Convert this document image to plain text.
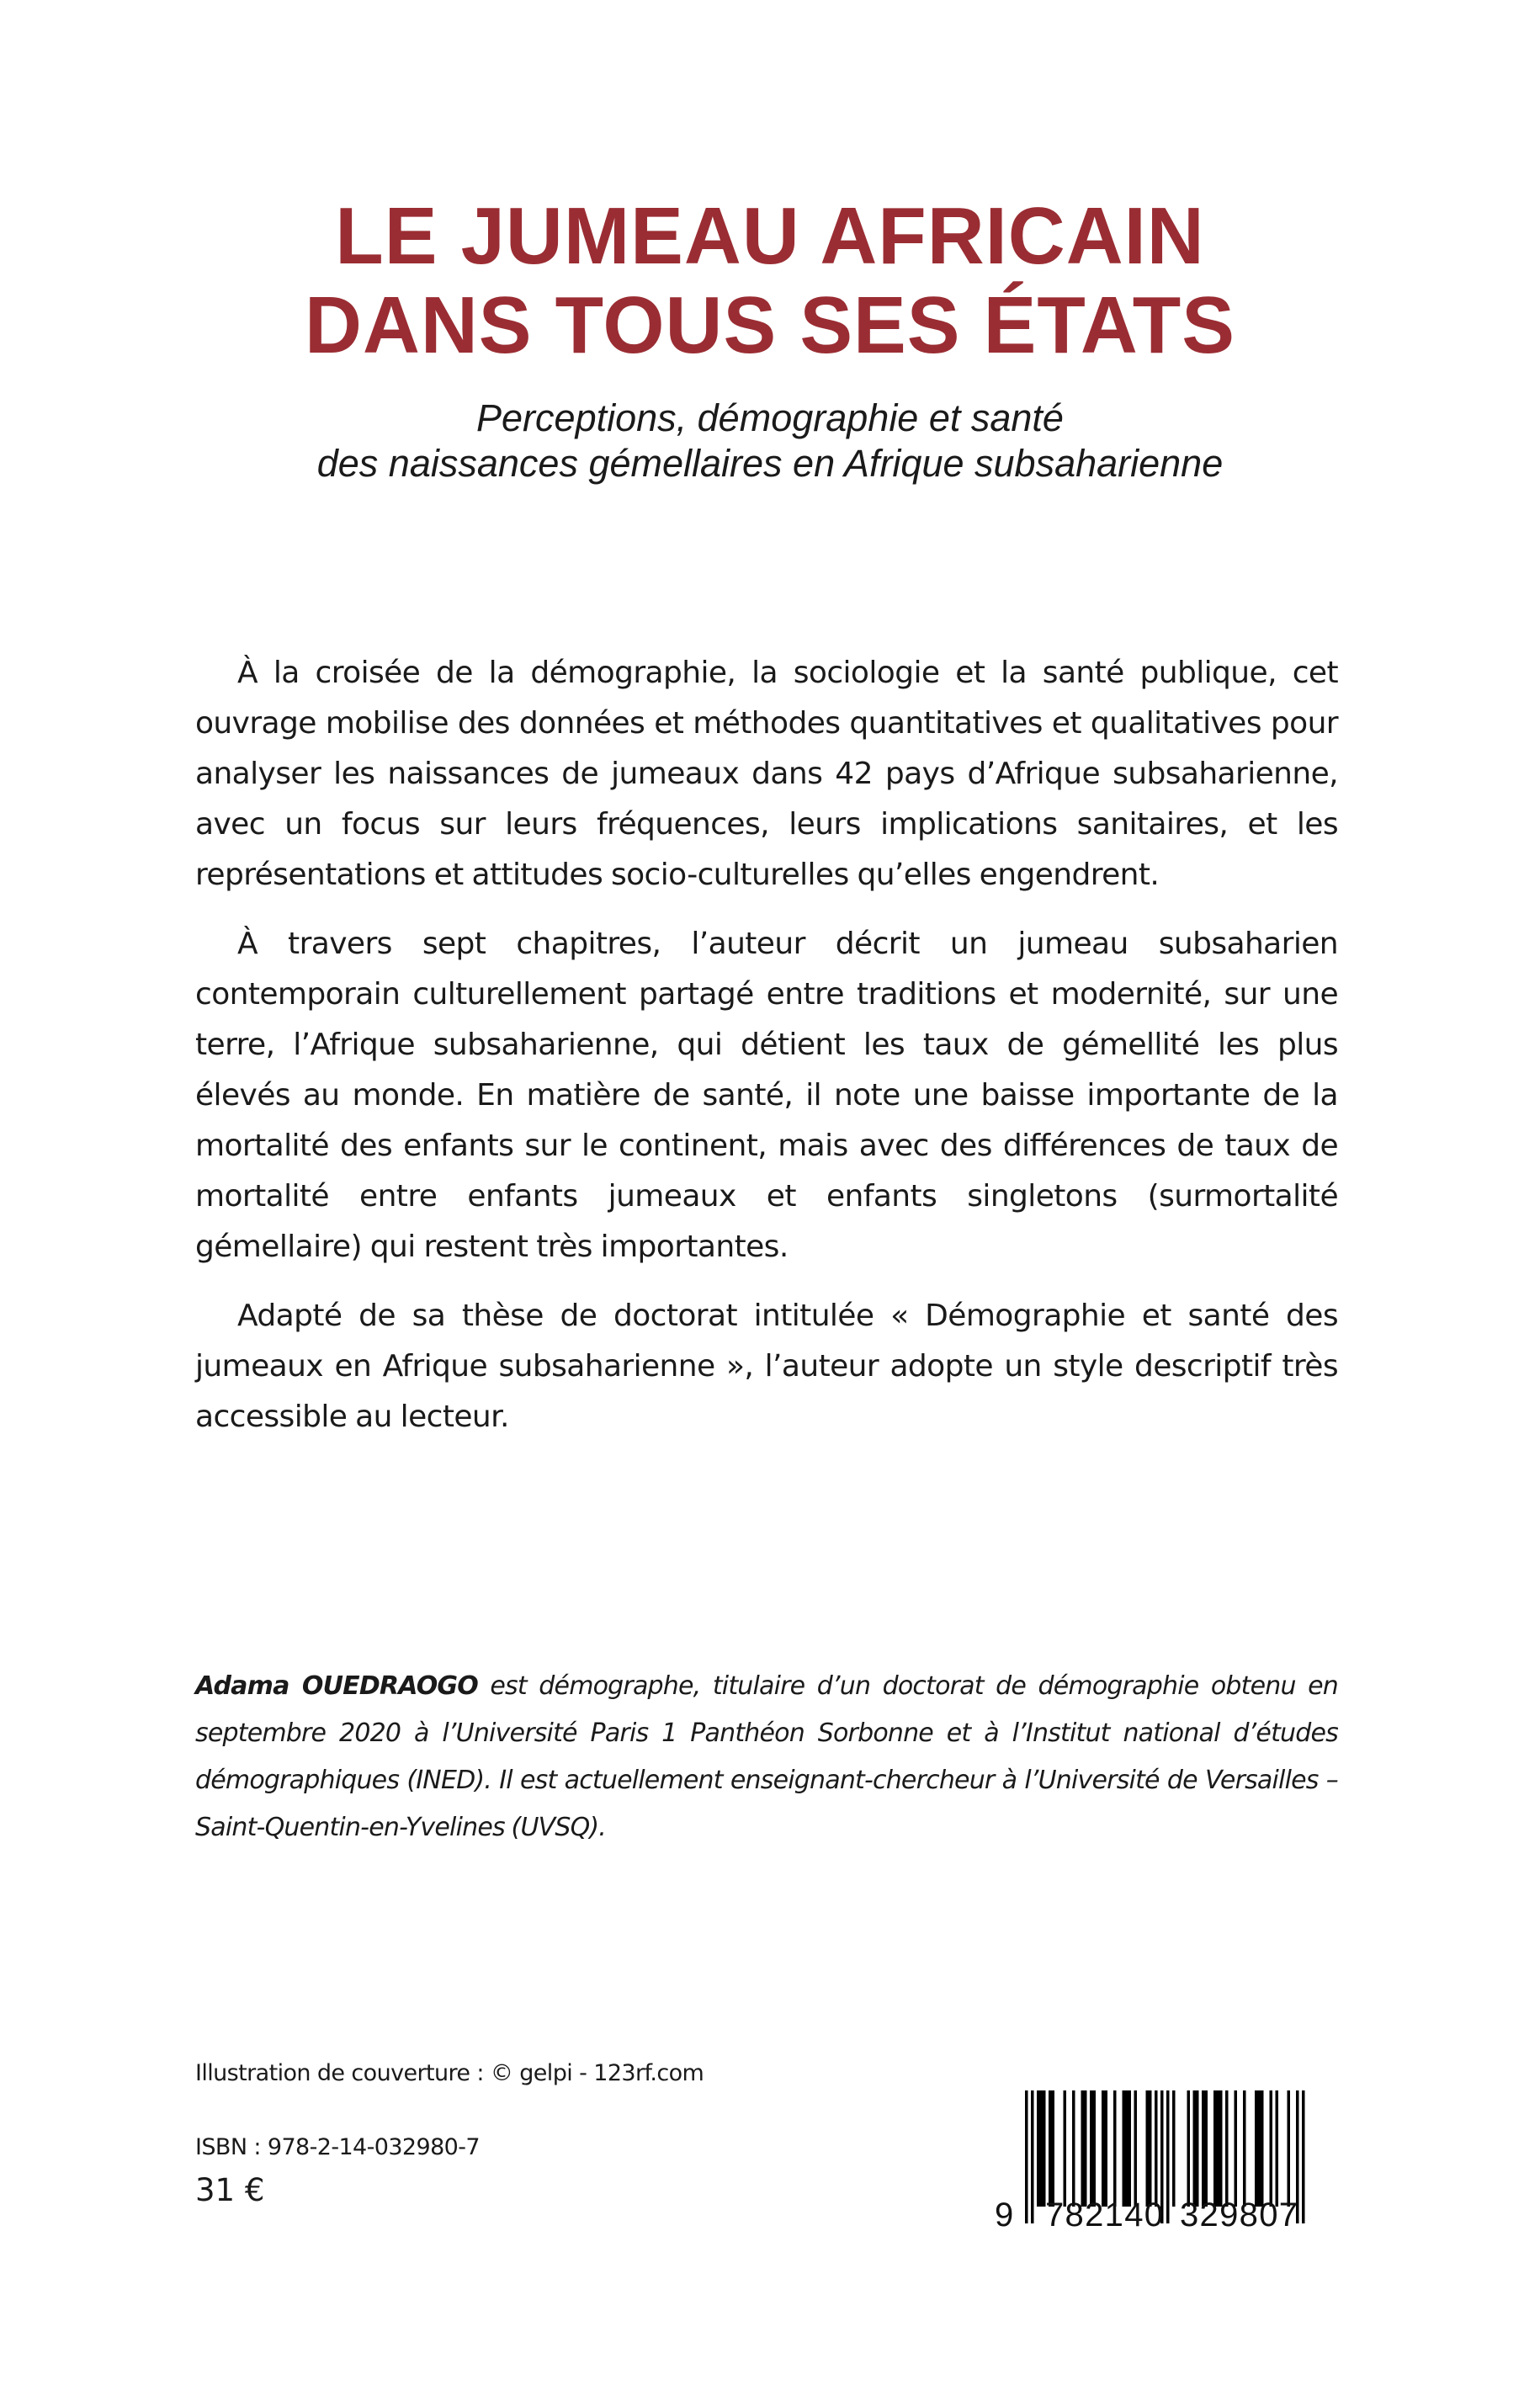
LE JUMEAU AFRICAIN
DANS TOUS SES ÉTATS
Perceptions, démographie et santé
des naissances gémellaires en Afrique subsaharienne

À la croisée de la démographie, la sociologie et la santé publique, cet ouvrage mobilise des données et méthodes quantitatives et qualitatives pour analyser les naissances de jumeaux dans 42 pays d’Afrique subsaharienne, avec un focus sur leurs fréquences, leurs implications sanitaires, et les représentations et attitudes socio-culturelles qu’elles engendrent.

À travers sept chapitres, l’auteur décrit un jumeau subsaharien contemporain culturellement partagé entre traditions et modernité, sur une terre, l’Afrique subsaharienne, qui détient les taux de gémellité les plus élevés au monde. En matière de santé, il note une baisse importante de la mortalité des enfants sur le continent, mais avec des différences de taux de mortalité entre enfants jumeaux et enfants singletons (surmortalité gémellaire) qui restent très importantes.

Adapté de sa thèse de doctorat intitulée « Démographie et santé des jumeaux en Afrique subsaharienne », l’auteur adopte un style descriptif très accessible au lecteur.

Adama OUEDRAOGO est démographe, titulaire d’un doctorat de démographie obtenu en septembre 2020 à l’Université Paris 1 Panthéon Sorbonne et à l’Institut national d’études démographiques (INED). Il est actuellement enseignant-chercheur à l’Université de Versailles – Saint-Quentin-en-Yvelines (UVSQ).

Illustration de couverture : © gelpi - 123rf.com
ISBN : 978-2-14-032980-7
31 €
9 782140 329807
